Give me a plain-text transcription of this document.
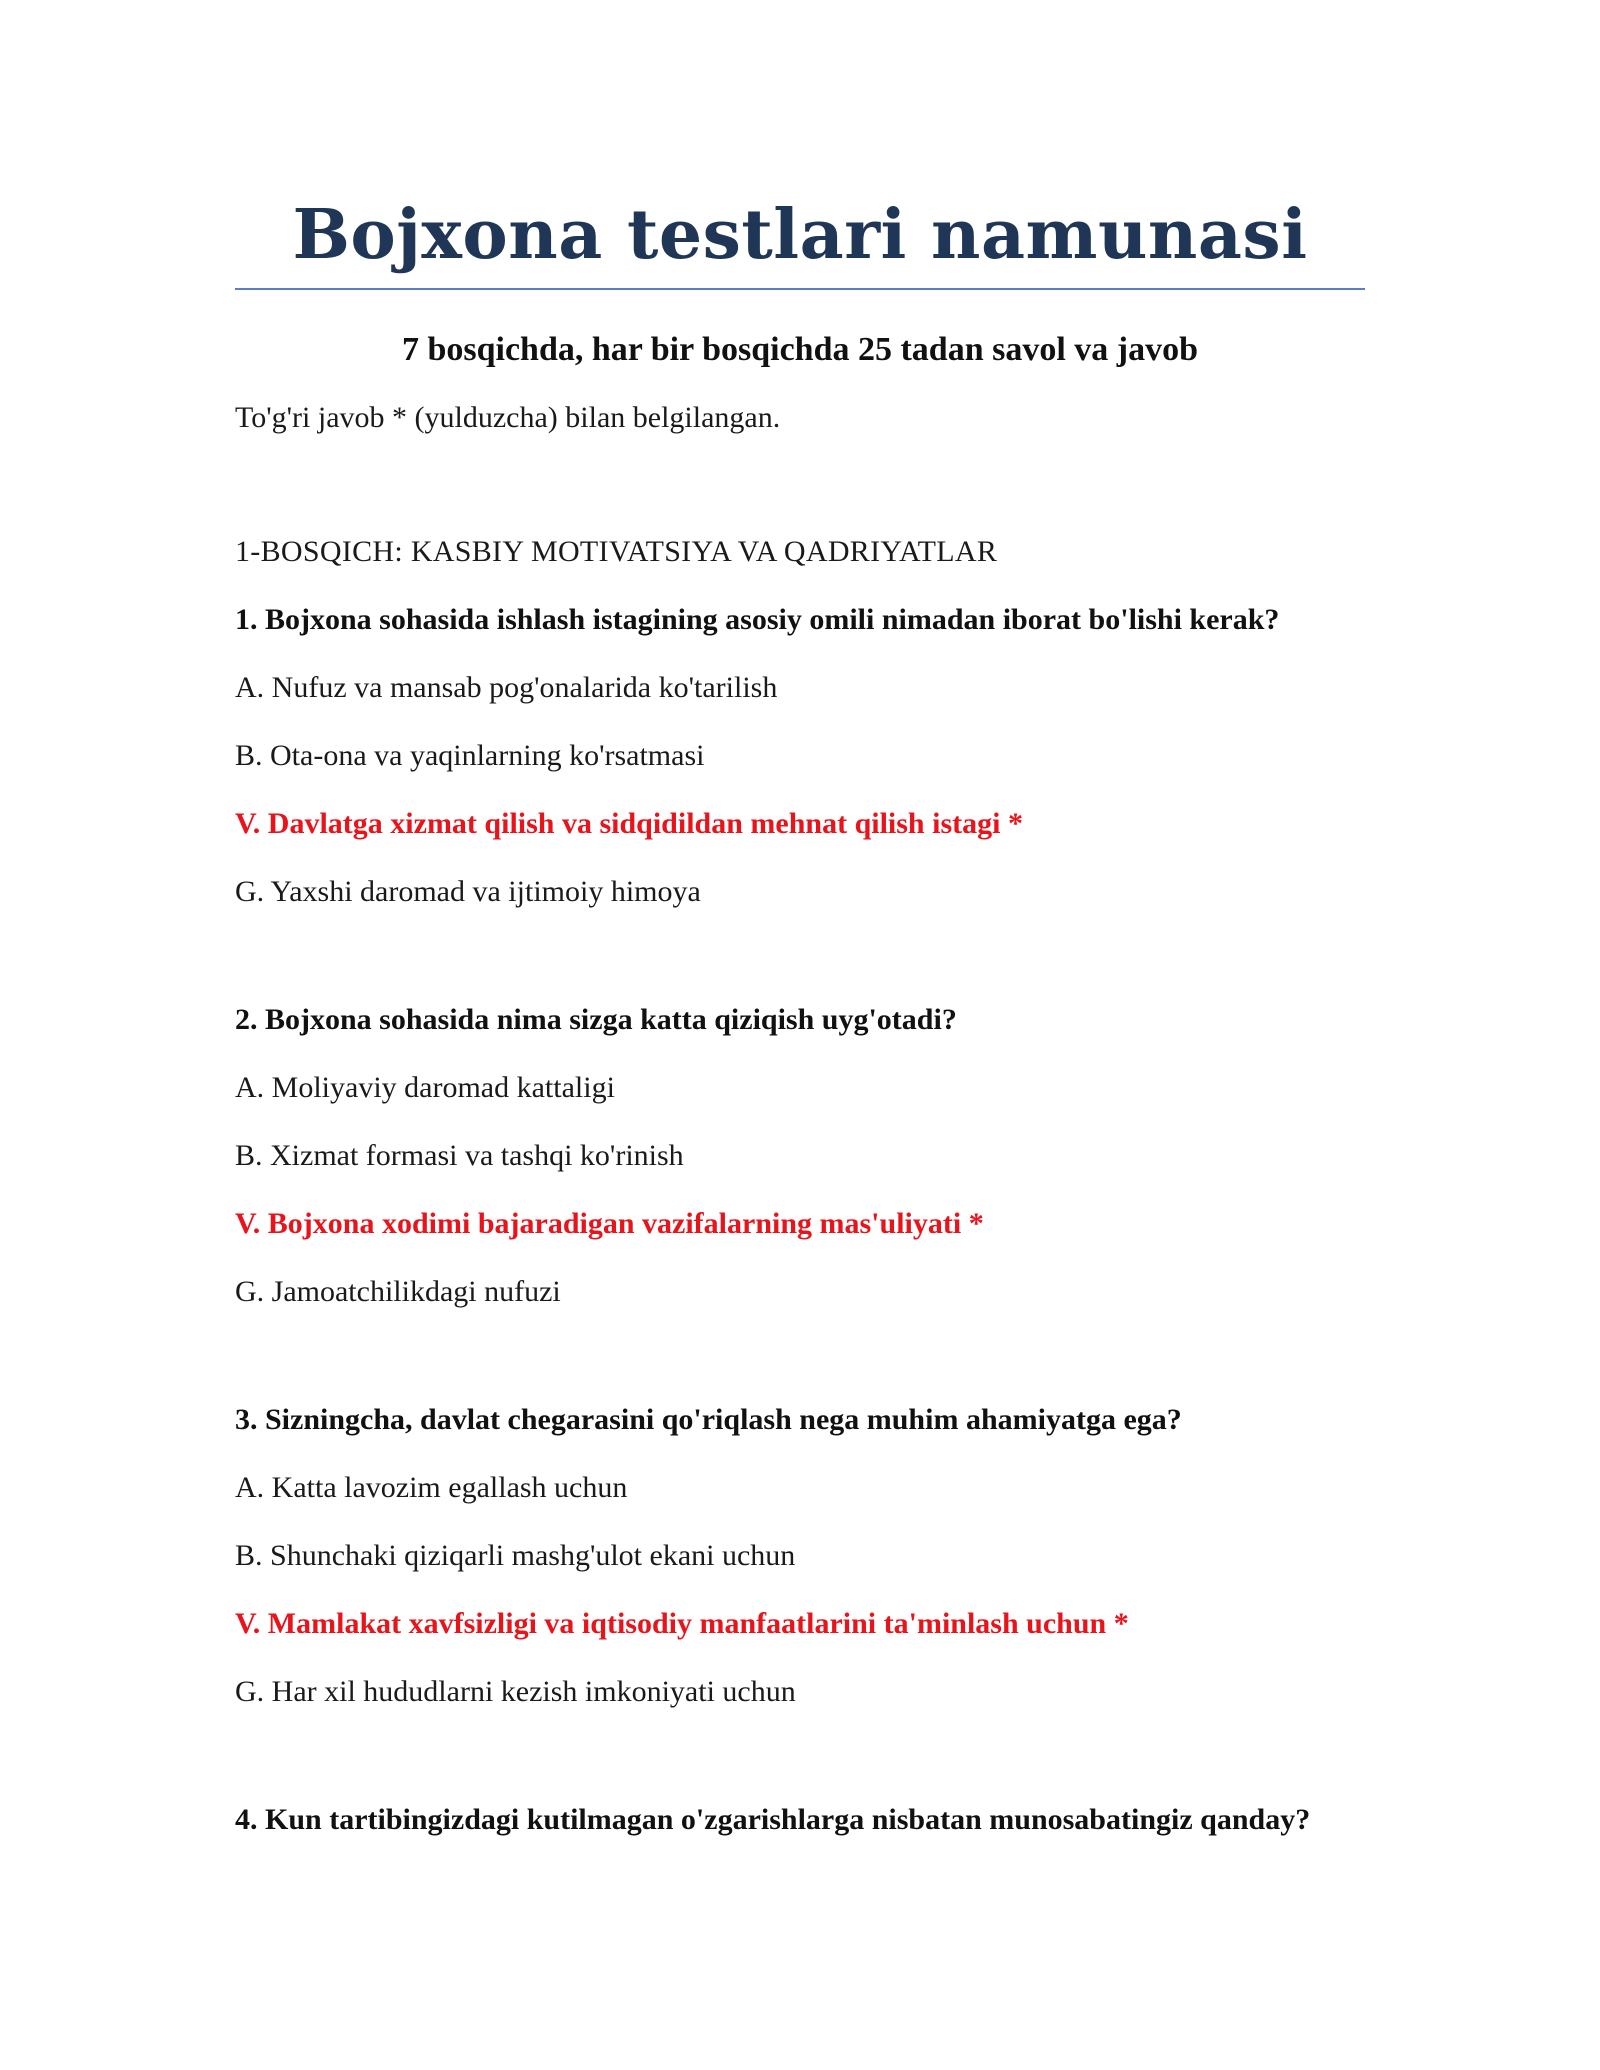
Bojxona testlari namunasi
7 bosqichda, har bir bosqichda 25 tadan savol va javob
To'g'ri javob * (yulduzcha) bilan belgilangan.
1-BOSQICH: KASBIY MOTIVATSIYA VA QADRIYATLAR
1. Bojxona sohasida ishlash istagining asosiy omili nimadan iborat bo'lishi kerak?
A. Nufuz va mansab pog'onalarida ko'tarilish
B. Ota-ona va yaqinlarning ko'rsatmasi
V. Davlatga xizmat qilish va sidqidildan mehnat qilish istagi *
G. Yaxshi daromad va ijtimoiy himoya
2. Bojxona sohasida nima sizga katta qiziqish uyg'otadi?
A. Moliyaviy daromad kattaligi
B. Xizmat formasi va tashqi ko'rinish
V. Bojxona xodimi bajaradigan vazifalarning mas'uliyati *
G. Jamoatchilikdagi nufuzi
3. Sizningcha, davlat chegarasini qo'riqlash nega muhim ahamiyatga ega?
A. Katta lavozim egallash uchun
B. Shunchaki qiziqarli mashg'ulot ekani uchun
V. Mamlakat xavfsizligi va iqtisodiy manfaatlarini ta'minlash uchun *
G. Har xil hududlarni kezish imkoniyati uchun
4. Kun tartibingizdagi kutilmagan o'zgarishlarga nisbatan munosabatingiz qanday?
